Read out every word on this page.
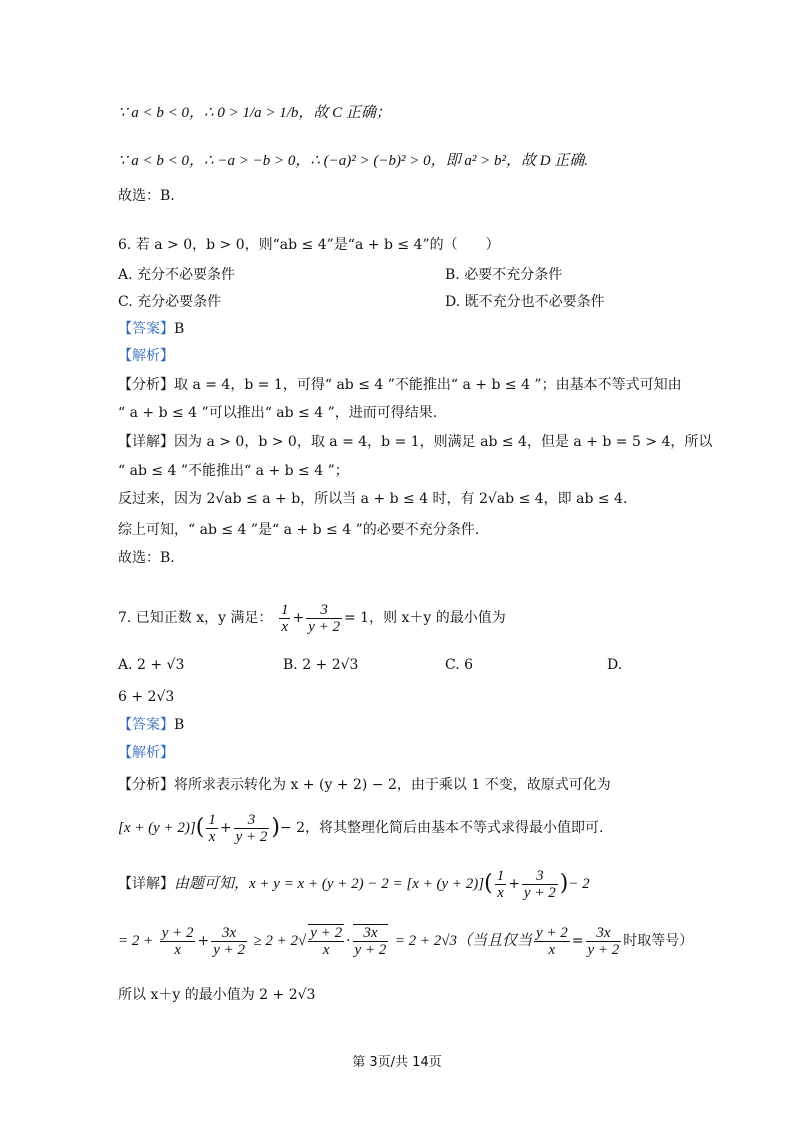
∵ a < b < 0，∴ 0 > 1/a > 1/b，故 C 正确；
∵ a < b < 0，∴ −a > −b > 0，∴ (−a)² > (−b)² > 0，即 a² > b²，故 D 正确.
故选：B.
6. 若 a > 0，b > 0，则“ab ≤ 4”是“a + b ≤ 4”的（　　）
A. 充分不必要条件	B. 必要不充分条件
C. 充分必要条件	D. 既不充分也不必要条件
【答案】B
【解析】
【分析】取 a = 4，b = 1，可得“ ab ≤ 4 ”不能推出“ a + b ≤ 4 ”；由基本不等式可知由
“ a + b ≤ 4 ”可以推出“ ab ≤ 4 ”，进而可得结果.
【详解】因为 a > 0，b > 0，取 a = 4，b = 1，则满足 ab ≤ 4，但是 a + b = 5 > 4，所以
“ ab ≤ 4 ”不能推出“ a + b ≤ 4 ”；
反过来，因为 2√ab ≤ a + b，所以当 a + b ≤ 4 时，有 2√ab ≤ 4，即 ab ≤ 4.
综上可知，“ ab ≤ 4 ”是“ a + b ≤ 4 ”的必要不充分条件.
故选：B.
7. 已知正数 x，y 满足： $\frac{1}{x} + \frac{3}{y + 2} = 1$，则 x＋y 的最小值为
A. 2 + √3	B. 2 + 2√3	C. 6	D.
6 + 2√3
【答案】B
【解析】
【分析】将所求表示转化为 x + (y + 2) − 2，由于乘以 1 不变，故原式可化为
$[x + (y + 2)]( \frac{1}{x} + \frac{3}{y + 2}$ )− 2，将其整理化简后由基本不等式求得最小值即可.
【详解】由题可知，$x + y = x + (y + 2) - 2 = [x + (y + 2)]( \frac{1}{x} + \frac{3}{y + 2}$ )− 2
= $2 + \frac{y + 2}{x} + \frac{3x}{y + 2} \ge 2 + 2√ \frac{y + 2}{x} \cdot \frac{3x}{y + 2} = 2 + 2√3$（当且仅当 $\frac{y + 2}{x} = \frac{3x}{y + 2}$ 时取等号）
所以 x＋y 的最小值为 2 + 2√3
第 3页/共 14页
